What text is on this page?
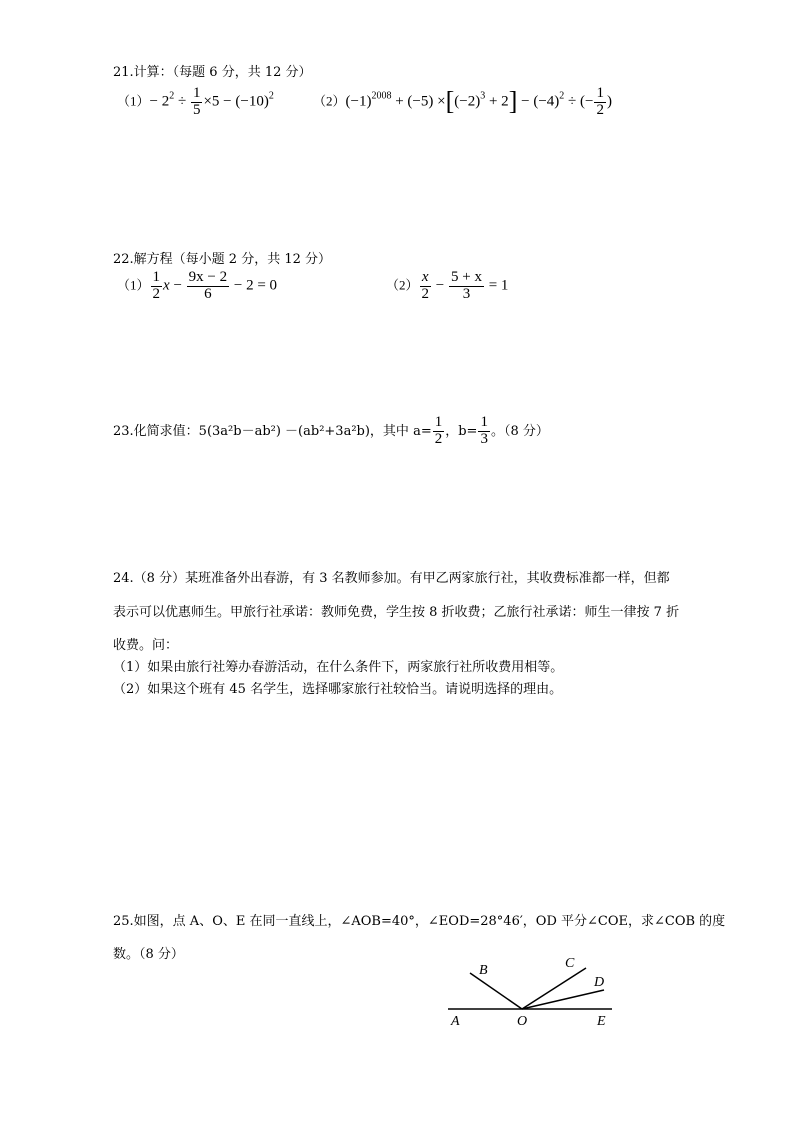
21.计算：（每题 6 分，共 12 分）
$(1)- 2^2 \div \frac{1}{5} \times 5 - (-10)^2$	$(2)(-1)^{2008} + (-5) \times[(-2)^3 + 2] - (-4)^2$ ÷ (− $\frac{1}{2}$ )
22.解方程（每小题 2 分，共 12 分）
$(1) \frac{1}{2}$ $x - \frac{9x - 2}{6} - 2 = 0$	$(2) \frac{x}{2} - \frac{5 + x}{3} = 1$
23.化简求值：5(3a²b－ab²) －(ab²+3a²b)，其中 $a= \frac{1}{2}$ ，$b= \frac{1}{3}$ 。（8 分）
24.（8 分）某班准备外出春游，有 3 名教师参加。有甲乙两家旅行社，其收费标准都一样，但都
表示可以优惠师生。甲旅行社承诺：教师免费，学生按 8 折收费；乙旅行社承诺：师生一律按 7 折
收费。问：
（1）如果由旅行社筹办春游活动，在什么条件下，两家旅行社所收费用相等。
（2）如果这个班有 45 名学生，选择哪家旅行社较恰当。请说明选择的理由。
25.如图，点 A、O、E 在同一直线上，∠AOB=40°，∠EOD=28°46′，OD 平分∠COE，求∠COB 的度
数。（8 分）
A	O	E
B	C
D
